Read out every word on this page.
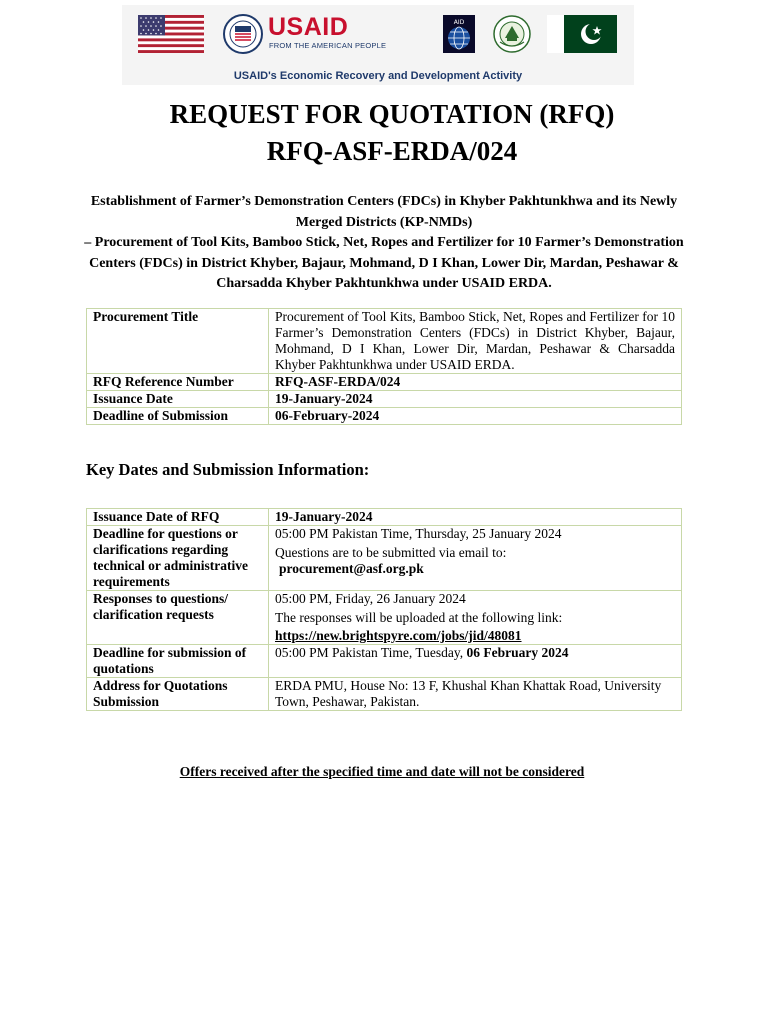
USAID
FROM THE AMERICAN PEOPLE
AID
USAID's Economic Recovery and Development Activity
REQUEST FOR QUOTATION (RFQ)
RFQ-ASF-ERDA/024
Establishment of Farmer’s Demonstration Centers (FDCs) in Khyber Pakhtunkhwa and its Newly Merged Districts (KP-NMDs)
– Procurement of Tool Kits, Bamboo Stick, Net, Ropes and Fertilizer for 10 Farmer’s Demonstration Centers (FDCs) in District Khyber, Bajaur, Mohmand, D I Khan, Lower Dir, Mardan, Peshawar & Charsadda Khyber Pakhtunkhwa under USAID ERDA.
Procurement Title	Procurement of Tool Kits, Bamboo Stick, Net, Ropes and Fertilizer for 10 Farmer’s Demonstration Centers (FDCs) in District Khyber, Bajaur, Mohmand, D I Khan, Lower Dir, Mardan, Peshawar & Charsadda Khyber Pakhtunkhwa under USAID ERDA.
RFQ Reference Number	RFQ-ASF-ERDA/024
Issuance Date	19-January-2024
Deadline of Submission	06-February-2024
Key Dates and Submission Information:
Issuance Date of RFQ	19-January-2024
Deadline for questions or clarifications regarding technical or administrative requirements	05:00 PM Pakistan Time, Thursday, 25 January 2024
Questions are to be submitted via email to:
procurement@asf.org.pk

Responses to questions/ clarification requests	05:00 PM, Friday, 26 January 2024
The responses will be uploaded at the following link:
https://new.brightspyre.com/jobs/jid/48081

Deadline for submission of quotations	05:00 PM Pakistan Time, Tuesday, 06 February 2024
Address for Quotations Submission	ERDA PMU, House No: 13 F, Khushal Khan Khattak Road, University Town, Peshawar, Pakistan.
Offers received after the specified time and date will not be considered
